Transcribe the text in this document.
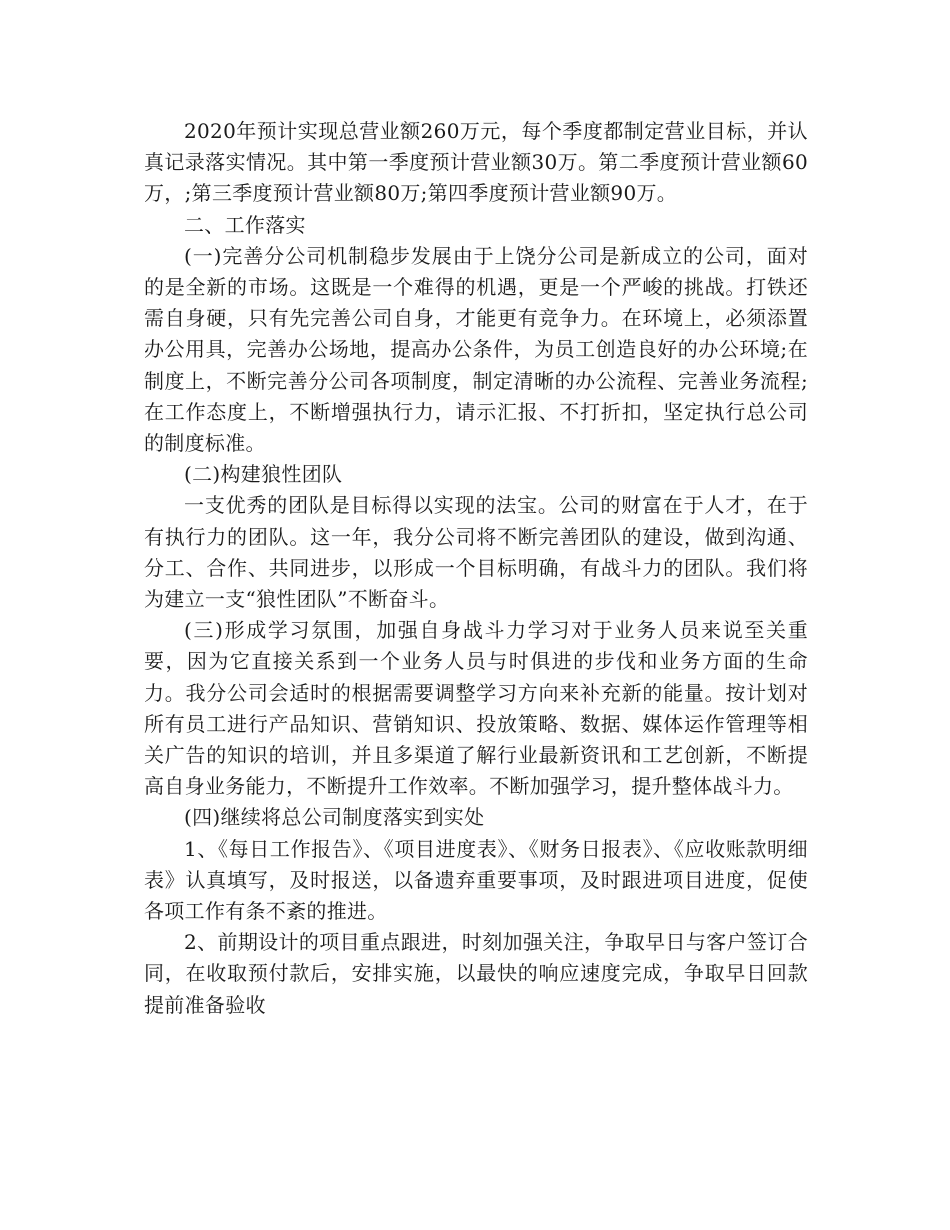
2020年预计实现总营业额260万元，每个季度都制定营业目标，并认真记录落实情况。其中第一季度预计营业额30万。第二季度预计营业额60万，;第三季度预计营业额80万;第四季度预计营业额90万。

二、工作落实

(一)完善分公司机制稳步发展由于上饶分公司是新成立的公司，面对的是全新的市场。这既是一个难得的机遇，更是一个严峻的挑战。打铁还需自身硬，只有先完善公司自身，才能更有竞争力。在环境上，必须添置办公用具，完善办公场地，提高办公条件，为员工创造良好的办公环境;在制度上，不断完善分公司各项制度，制定清晰的办公流程、完善业务流程;在工作态度上，不断增强执行力，请示汇报、不打折扣，坚定执行总公司的制度标准。

(二)构建狼性团队

一支优秀的团队是目标得以实现的法宝。公司的财富在于人才，在于有执行力的团队。这一年，我分公司将不断完善团队的建设，做到沟通、分工、合作、共同进步，以形成一个目标明确，有战斗力的团队。我们将为建立一支“狼性团队”不断奋斗。

(三)形成学习氛围，加强自身战斗力学习对于业务人员来说至关重要，因为它直接关系到一个业务人员与时俱进的步伐和业务方面的生命力。我分公司会适时的根据需要调整学习方向来补充新的能量。按计划对所有员工进行产品知识、营销知识、投放策略、数据、媒体运作管理等相关广告的知识的培训，并且多渠道了解行业最新资讯和工艺创新，不断提高自身业务能力，不断提升工作效率。不断加强学习，提升整体战斗力。

(四)继续将总公司制度落实到实处

1、《每日工作报告》、《项目进度表》、《财务日报表》、《应收账款明细表》认真填写，及时报送，以备遗弃重要事项，及时跟进项目进度，促使各项工作有条不紊的推进。

2、前期设计的项目重点跟进，时刻加强关注，争取早日与客户签订合同，在收取预付款后，安排实施，以最快的响应速度完成，争取早日回款提前准备验收
